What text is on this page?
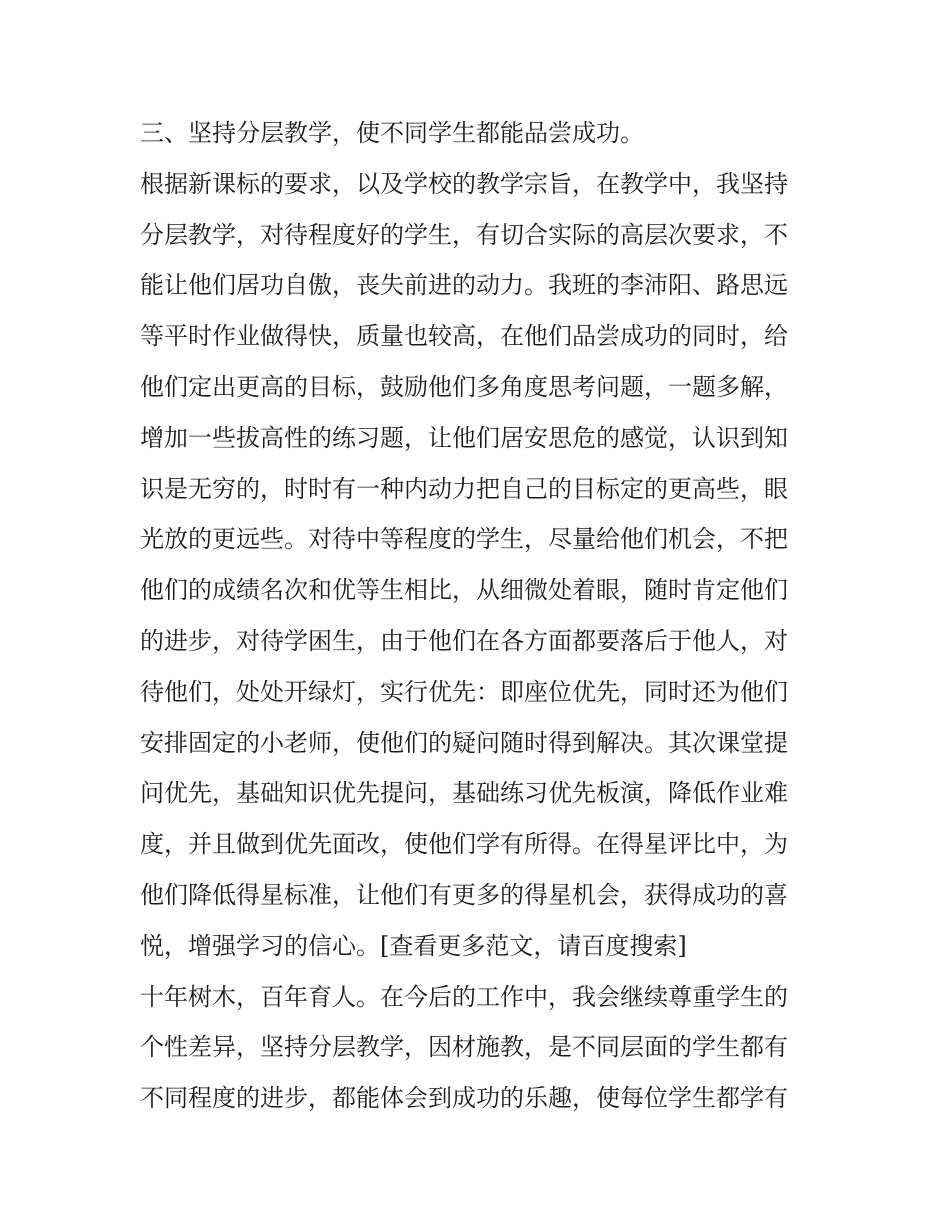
三、坚持分层教学，使不同学生都能品尝成功。
根据新课标的要求，以及学校的教学宗旨，在教学中，我坚持
分层教学，对待程度好的学生，有切合实际的高层次要求，不
能让他们居功自傲，丧失前进的动力。我班的李沛阳、路思远
等平时作业做得快，质量也较高，在他们品尝成功的同时，给
他们定出更高的目标，鼓励他们多角度思考问题，一题多解，
增加一些拔高性的练习题，让他们居安思危的感觉，认识到知
识是无穷的，时时有一种内动力把自己的目标定的更高些，眼
光放的更远些。对待中等程度的学生，尽量给他们机会，不把
他们的成绩名次和优等生相比，从细微处着眼，随时肯定他们
的进步，对待学困生，由于他们在各方面都要落后于他人，对
待他们，处处开绿灯，实行优先：即座位优先，同时还为他们
安排固定的小老师，使他们的疑问随时得到解决。其次课堂提
问优先，基础知识优先提问，基础练习优先板演，降低作业难
度，并且做到优先面改，使他们学有所得。在得星评比中，为
他们降低得星标准，让他们有更多的得星机会，获得成功的喜
悦，增强学习的信心。[查看更多范文，请百度搜索]
十年树木，百年育人。在今后的工作中，我会继续尊重学生的
个性差异，坚持分层教学，因材施教，是不同层面的学生都有
不同程度的进步，都能体会到成功的乐趣，使每位学生都学有
